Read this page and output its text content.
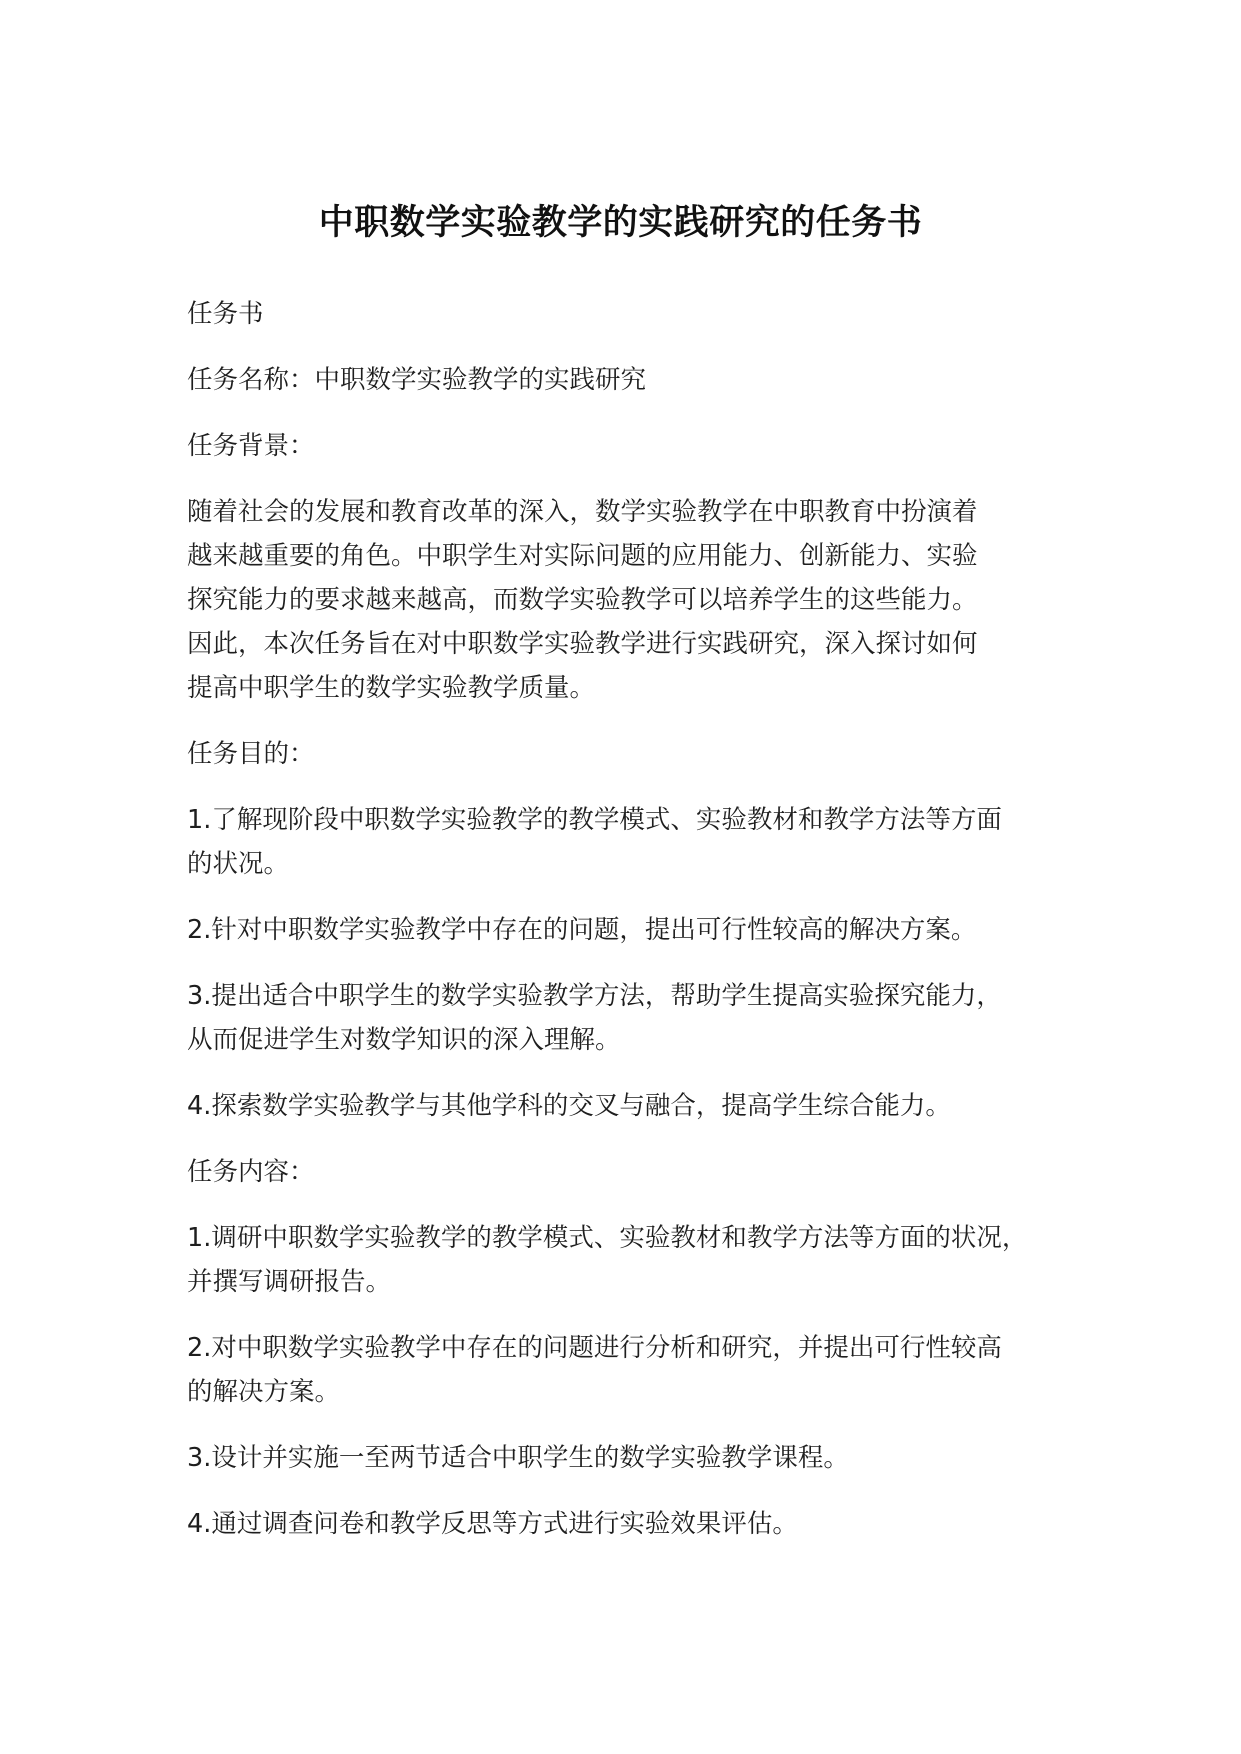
中职数学实验教学的实践研究的任务书

任务书

任务名称：中职数学实验教学的实践研究

任务背景：

随着社会的发展和教育改革的深入，数学实验教学在中职教育中扮演着
越来越重要的角色。中职学生对实际问题的应用能力、创新能力、实验
探究能力的要求越来越高，而数学实验教学可以培养学生的这些能力。
因此，本次任务旨在对中职数学实验教学进行实践研究，深入探讨如何
提高中职学生的数学实验教学质量。

任务目的：

1.了解现阶段中职数学实验教学的教学模式、实验教材和教学方法等方面
的状况。

2.针对中职数学实验教学中存在的问题，提出可行性较高的解决方案。

3.提出适合中职学生的数学实验教学方法，帮助学生提高实验探究能力，
从而促进学生对数学知识的深入理解。

4.探索数学实验教学与其他学科的交叉与融合，提高学生综合能力。

任务内容：

1.调研中职数学实验教学的教学模式、实验教材和教学方法等方面的状况，
并撰写调研报告。

2.对中职数学实验教学中存在的问题进行分析和研究，并提出可行性较高
的解决方案。

3.设计并实施一至两节适合中职学生的数学实验教学课程。

4.通过调查问卷和教学反思等方式进行实验效果评估。
